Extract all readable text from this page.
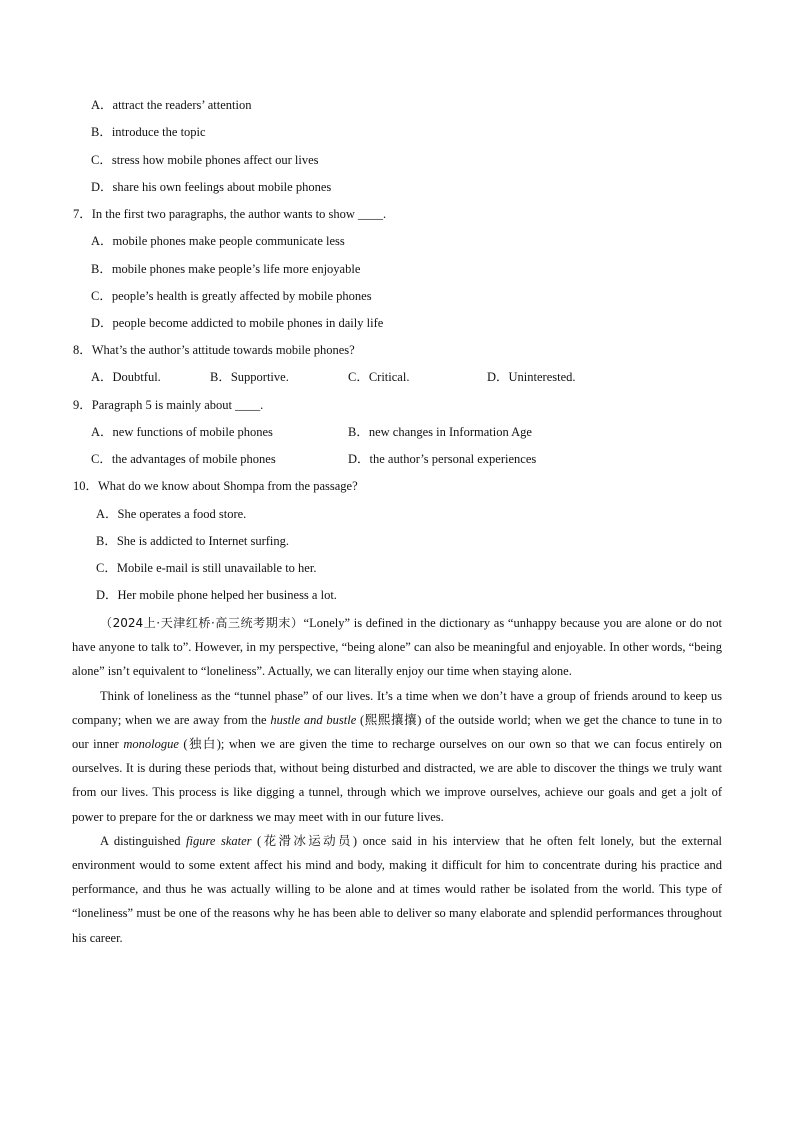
A．attract the readers’ attention
B．introduce the topic
C．stress how mobile phones affect our lives
D．share his own feelings about mobile phones
7．In the first two paragraphs, the author wants to show ____.
A．mobile phones make people communicate less
B．mobile phones make people’s life more enjoyable
C．people’s health is greatly affected by mobile phones
D．people become addicted to mobile phones in daily life
8．What’s the author’s attitude towards mobile phones?
A．Doubtful.	B．Supportive.	C．Critical.	D．Uninterested.
9．Paragraph 5 is mainly about ____.
A．new functions of mobile phones	B．new changes in Information Age
C．the advantages of mobile phones	D．the author’s personal experiences
10．What do we know about Shompa from the passage?
A．She operates a food store.
B．She is addicted to Internet surfing.
C．Mobile e-mail is still unavailable to her.
D．Her mobile phone helped her business a lot.

（2024上·天津红桥·高三统考期末）“Lonely” is defined in the dictionary as “unhappy because you are alone or do not have anyone to talk to”. However, in my perspective, “being alone” can also be meaningful and enjoyable. In other words, “being alone” isn’t equivalent to “loneliness”. Actually, we can literally enjoy our time when staying alone.

Think of loneliness as the “tunnel phase” of our lives. It’s a time when we don’t have a group of friends around to keep us company; when we are away from the hustle and bustle (熙熙攘攘) of the outside world; when we get the chance to tune in to our inner monologue (独白); when we are given the time to recharge ourselves on our own so that we can focus entirely on ourselves. It is during these periods that, without being disturbed and distracted, we are able to discover the things we truly want from our lives. This process is like digging a tunnel, through which we improve ourselves, achieve our goals and get a jolt of power to prepare for the or darkness we may meet with in our future lives.

A distinguished figure skater (花滑冰运动员) once said in his interview that he often felt lonely, but the external environment would to some extent affect his mind and body, making it difficult for him to concentrate during his practice and performance, and thus he was actually willing to be alone and at times would rather be isolated from the world. This type of “loneliness” must be one of the reasons why he has been able to deliver so many elaborate and splendid performances throughout his career.
